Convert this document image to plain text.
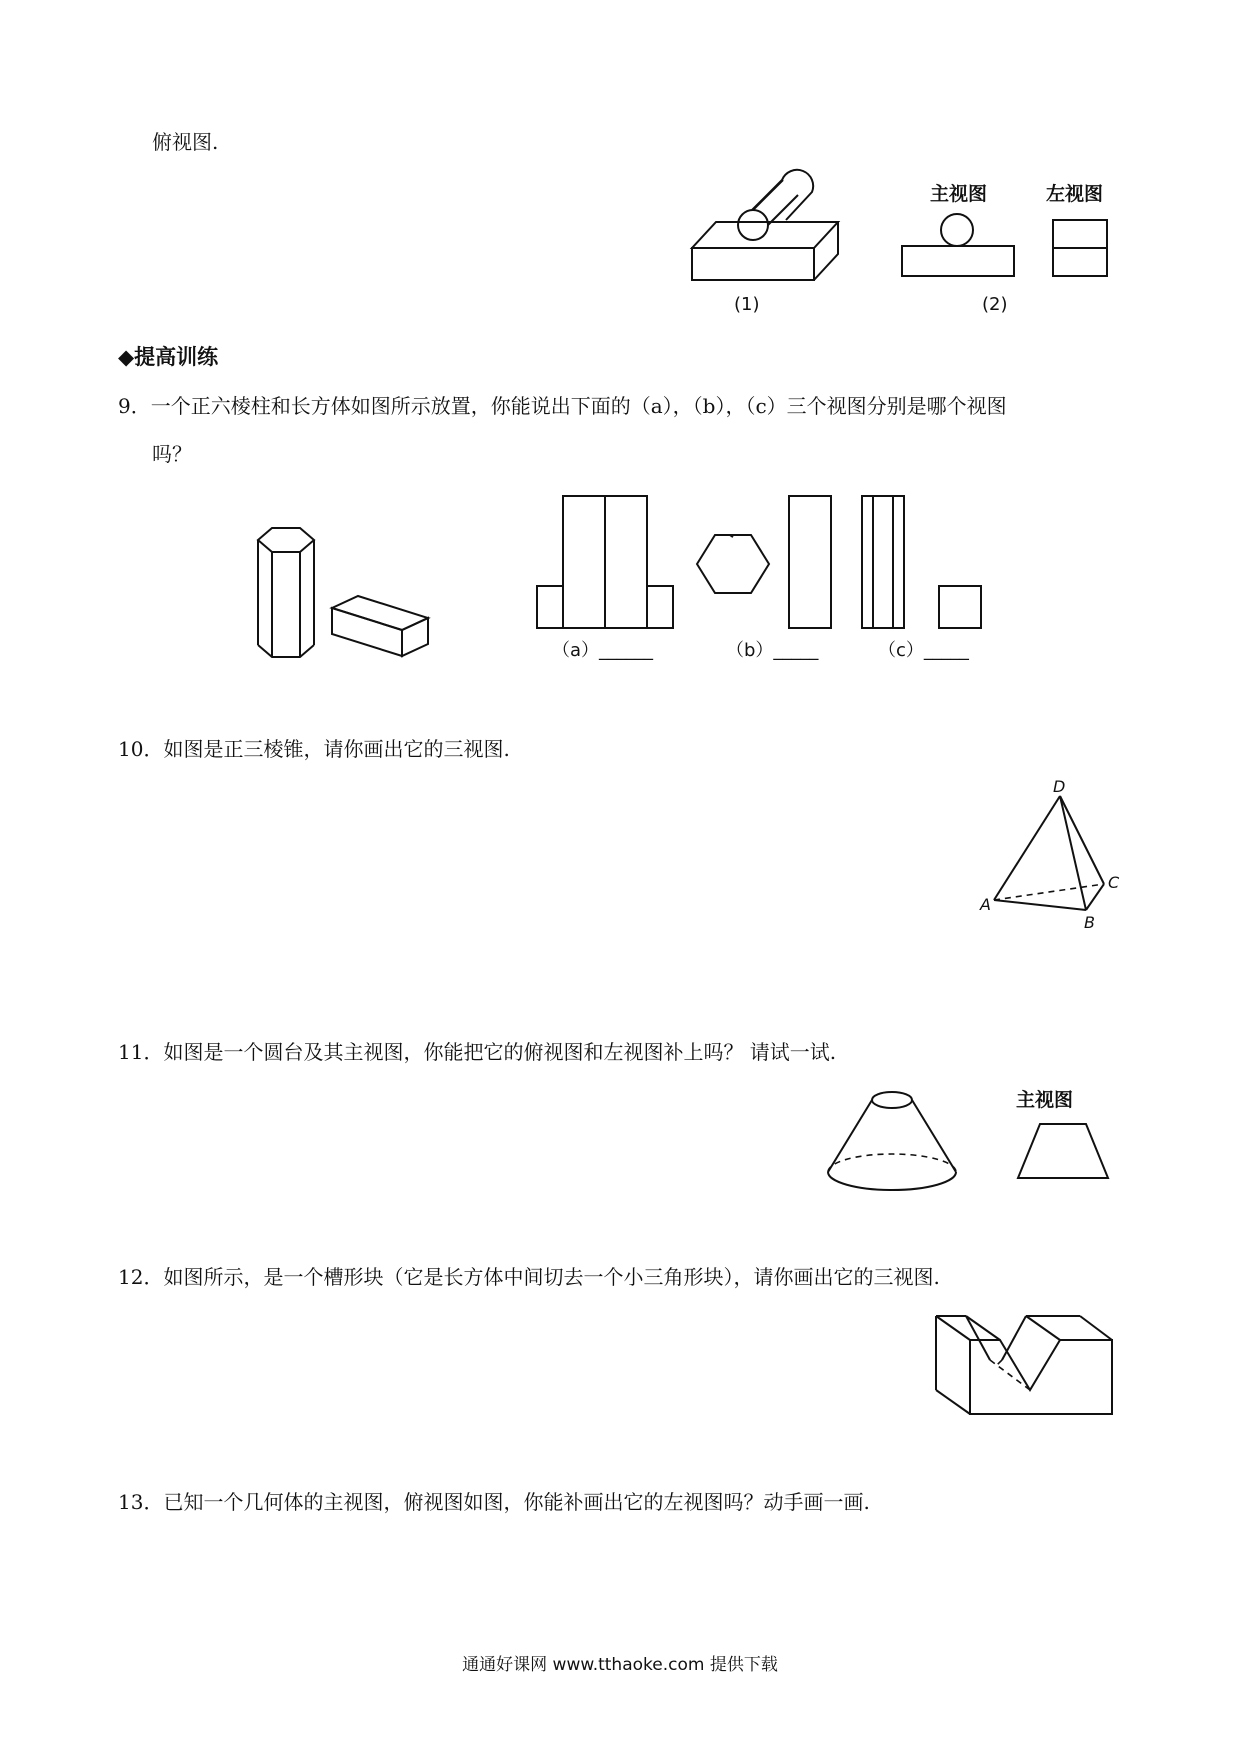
俯视图.
(1)
主视图	左视图
(2)
◆提高训练
9．一个正六棱柱和长方体如图所示放置，你能说出下面的（a），（b），（c）三个视图分别是哪个视图
吗？
（a）______	（b）_____	（c）_____
10．如图是正三棱锥，请你画出它的三视图.
D
C
A
B
11．如图是一个圆台及其主视图，你能把它的俯视图和左视图补上吗？ 请试一试.
主视图
12．如图所示，是一个槽形块（它是长方体中间切去一个小三角形块），请你画出它的三视图.
13．已知一个几何体的主视图，俯视图如图，你能补画出它的左视图吗？动手画一画.
通通好课网 www.tthaoke.com 提供下载
